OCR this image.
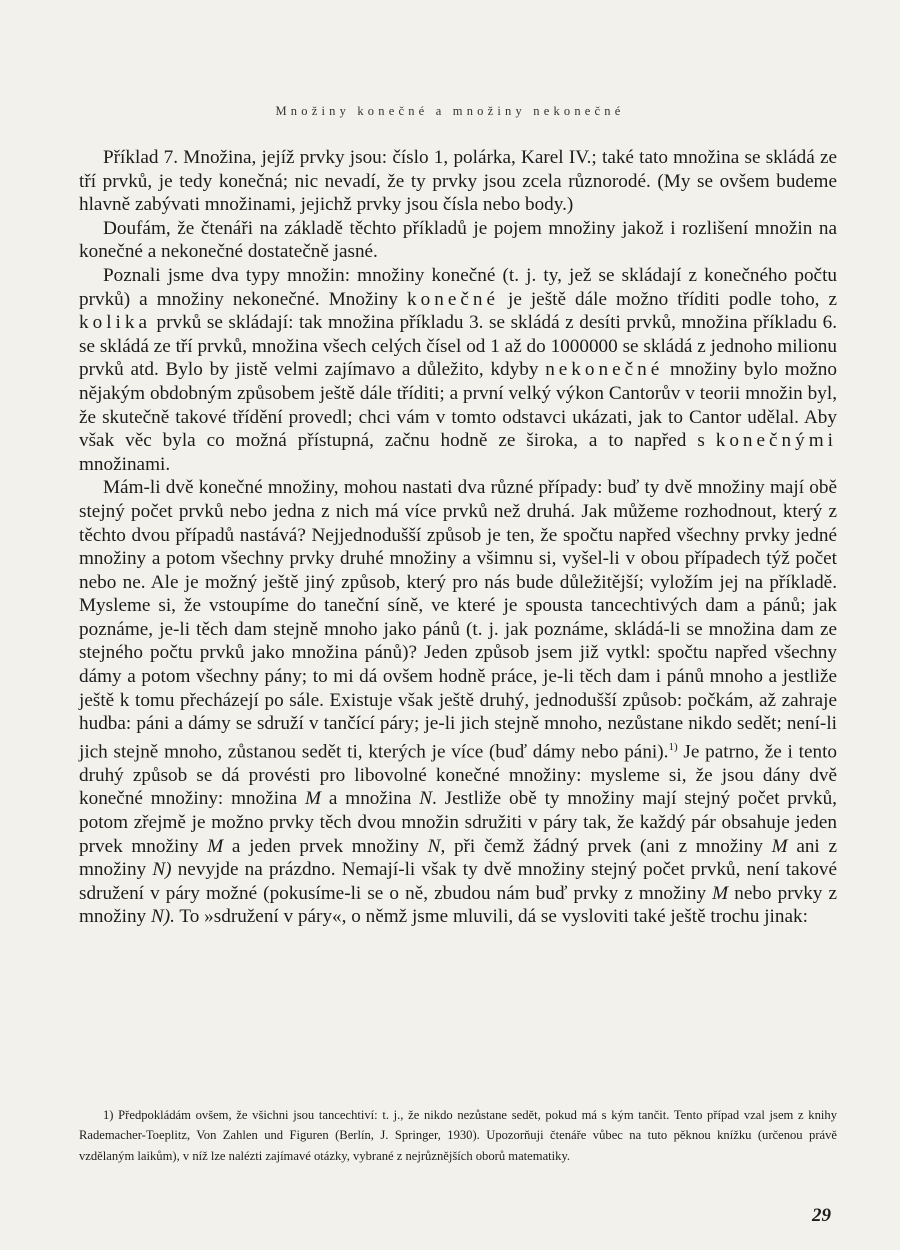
Množiny konečné a množiny nekonečné

Příklad 7. Množina, jejíž prvky jsou: číslo 1, polárka, Karel IV.; také tato množina se skládá ze tří prvků, je tedy konečná; nic nevadí, že ty prvky jsou zcela různorodé. (My se ovšem budeme hlavně zabývati množinami, jejichž prvky jsou čísla nebo body.)

Doufám, že čtenáři na základě těchto příkladů je pojem množiny jakož i rozlišení množin na konečné a nekonečné dostatečně jasné.

Poznali jsme dva typy množin: množiny konečné (t. j. ty, jež se skládají z konečného počtu prvků) a množiny nekonečné. Množiny konečné je ještě dále možno tříditi podle toho, z kolika prvků se skládají: tak množina příkladu 3. se skládá z desíti prvků, množina příkladu 6. se skládá ze tří prvků, množina všech celých čísel od 1 až do 1000000 se skládá z jednoho milionu prvků atd. Bylo by jistě velmi zajímavo a důležito, kdyby nekonečné množiny bylo možno nějakým obdobným způsobem ještě dále tříditi; a první velký výkon Cantorův v teorii množin byl, že skutečně takové třídění provedl; chci vám v tomto odstavci ukázati, jak to Cantor udělal. Aby však věc byla co možná přístupná, začnu hodně ze široka, a to napřed s konečnými množinami.

Mám-li dvě konečné množiny, mohou nastati dva různé případy: buď ty dvě množiny mají obě stejný počet prvků nebo jedna z nich má více prvků než druhá. Jak můžeme rozhodnout, který z těchto dvou případů nastává? Nejjednodušší způsob je ten, že spočtu napřed všechny prvky jedné množiny a potom všechny prvky druhé množiny a všimnu si, vyšel-li v obou případech týž počet nebo ne. Ale je možný ještě jiný způsob, který pro nás bude důležitější; vyložím jej na příkladě. Mysleme si, že vstoupíme do taneční síně, ve které je spousta tancechtivých dam a pánů; jak poznáme, je-li těch dam stejně mnoho jako pánů (t. j. jak poznáme, skládá-li se množina dam ze stejného počtu prvků jako množina pánů)? Jeden způsob jsem již vytkl: spočtu napřed všechny dámy a potom všechny pány; to mi dá ovšem hodně práce, je-li těch dam i pánů mnoho a jestliže ještě k tomu přecházejí po sále. Existuje však ještě druhý, jednodušší způsob: počkám, až zahraje hudba: páni a dámy se sdruží v tančící páry; je-li jich stejně mnoho, nezůstane nikdo sedět; není-li jich stejně mnoho, zůstanou sedět ti, kterých je více (buď dámy nebo páni).$^{1)}$ Je patrno, že i tento druhý způsob se dá provésti pro libovolné konečné množiny: mysleme si, že jsou dány dvě konečné množiny: množina M a množina N. Jestliže obě ty množiny mají stejný počet prvků, potom zřejmě je možno prvky těch dvou množin sdružiti v páry tak, že každý pár obsahuje jeden prvek množiny M a jeden prvek množiny N, při čemž žádný prvek (ani z množiny M ani z množiny N) nevyjde na prázdno. Nemají-li však ty dvě množiny stejný počet prvků, není takové sdružení v páry možné (pokusíme-li se o ně, zbudou nám buď prvky z množiny M nebo prvky z množiny N). To »sdružení v páry«, o němž jsme mluvili, dá se vysloviti také ještě trochu jinak:

1) Předpokládám ovšem, že všichni jsou tancechtiví: t. j., že nikdo nezůstane sedět, pokud má s kým tančit. Tento případ vzal jsem z knihy Rademacher-Toeplitz, Von Zahlen und Figuren (Berlín, J. Springer, 1930). Upozorňuji čtenáře vůbec na tuto pěknou knížku (určenou právě vzdělaným laikům), v níž lze nalézti zajímavé otázky, vybrané z nejrůznějších oborů matematiky.

29
